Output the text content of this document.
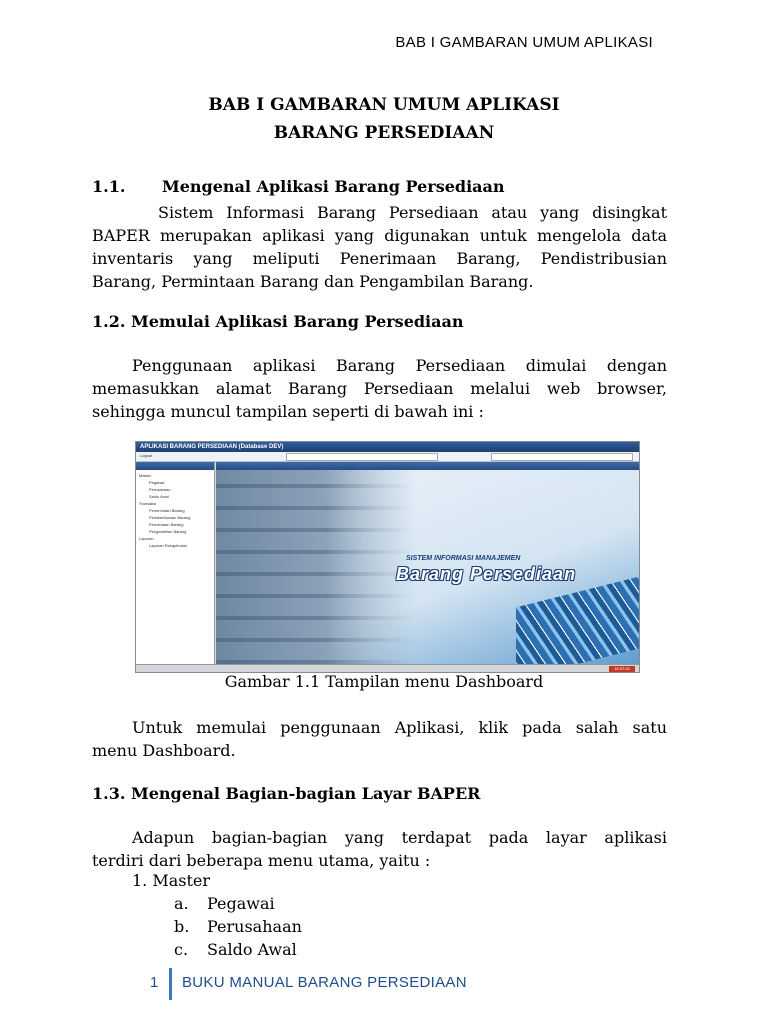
BAB I GAMBARAN UMUM APLIKASI
BAB I GAMBARAN UMUM APLIKASI
BARANG PERSEDIAAN
1.1. Mengenal Aplikasi Barang Persediaan
Sistem Informasi Barang Persediaan atau yang disingkat
BAPER merupakan aplikasi yang digunakan untuk mengelola data
inventaris yang meliputi Penerimaan Barang, Pendistribusian
Barang, Permintaan Barang dan Pengambilan Barang.
1.2. Memulai Aplikasi Barang Persediaan
Penggunaan aplikasi Barang Persediaan dimulai dengan
memasukkan alamat Barang Persediaan melalui web browser,
sehingga muncul tampilan seperti di bawah ini :
APLIKASI BARANG PERSEDIAAN (Database DEV)
Logout
Master
Pegawai
Perusahaan
Saldo Awal
Transaksi
Penerimaan Barang
Pendistribusian Barang
Permintaan Barang
Pengambilan Barang
Laporan
Laporan Rekapitulasi
SISTEM INFORMASI MANAJEMEN
Barang Persediaan
16:37:03
Gambar 1.1 Tampilan menu Dashboard
Untuk memulai penggunaan Aplikasi, klik pada salah satu
menu Dashboard.
1.3. Mengenal Bagian-bagian Layar BAPER
Adapun bagian-bagian yang terdapat pada layar aplikasi
terdiri dari beberapa menu utama, yaitu :
1. Master
a. Pegawai
b. Perusahaan
c. Saldo Awal
1 BUKU MANUAL BARANG PERSEDIAAN
